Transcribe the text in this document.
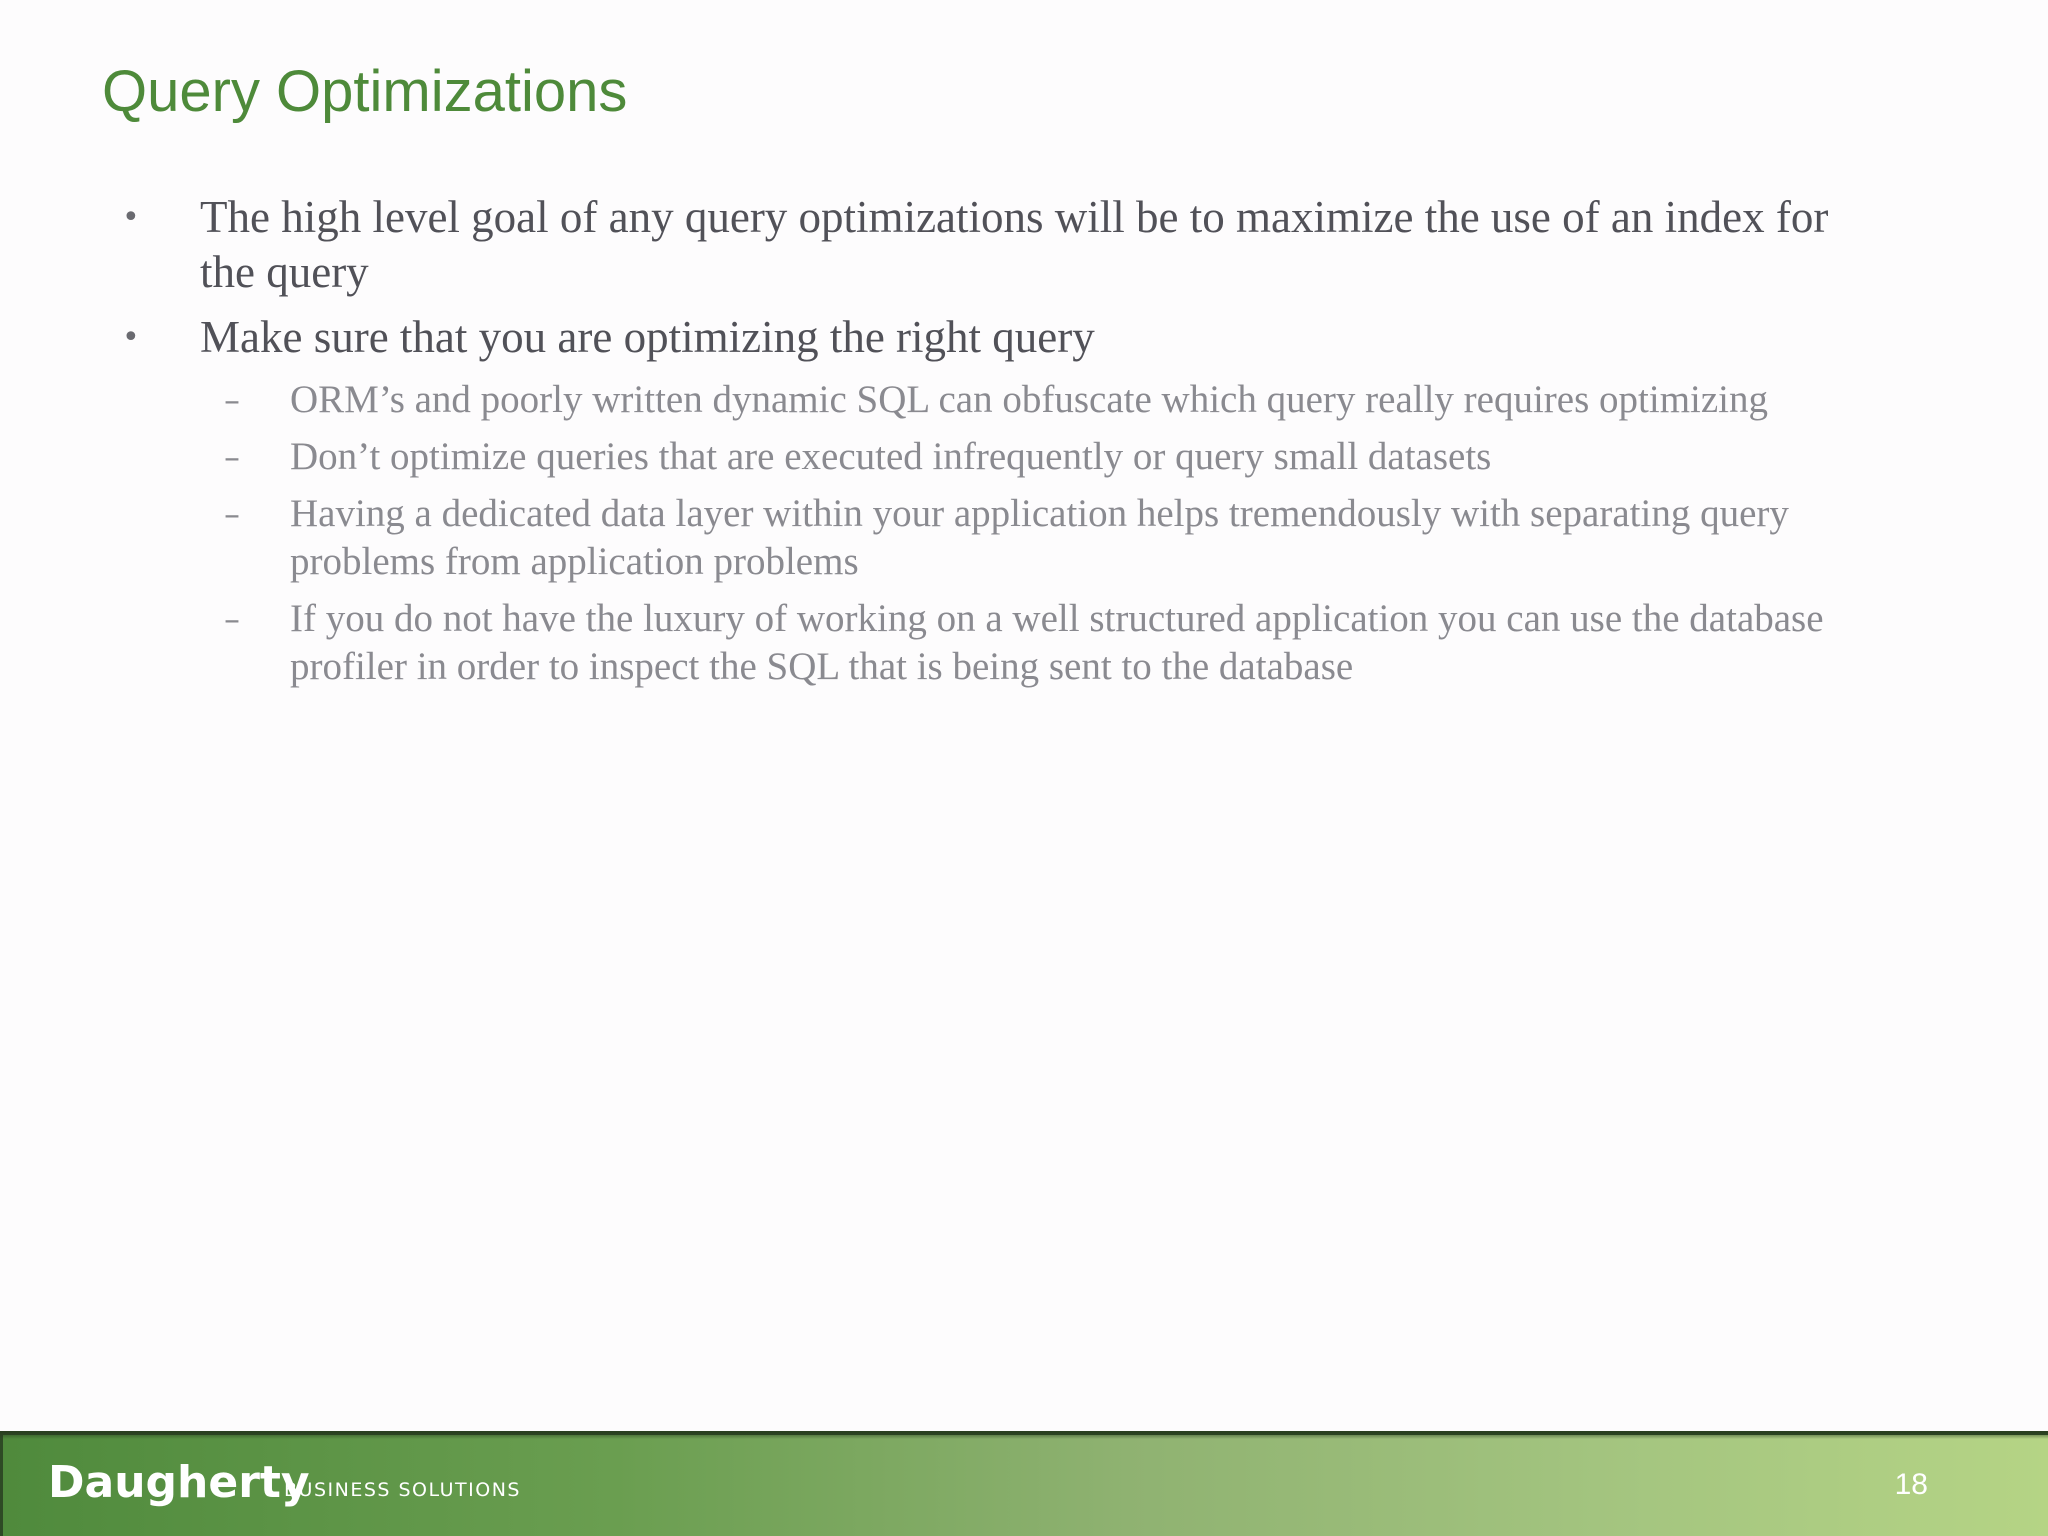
Query Optimizations
• The high level goal of any query optimizations will be to maximize the use of an index for the query
• Make sure that you are optimizing the right query
– ORM’s and poorly written dynamic SQL can obfuscate which query really requires optimizing
– Don’t optimize queries that are executed infrequently or query small datasets
– Having a dedicated data layer within your application helps tremendously with separating query problems from application problems
– If you do not have the luxury of working on a well structured application you can use the database profiler in order to inspect the SQL that is being sent to the database
Daugherty
BUSINESS SOLUTIONS	18
